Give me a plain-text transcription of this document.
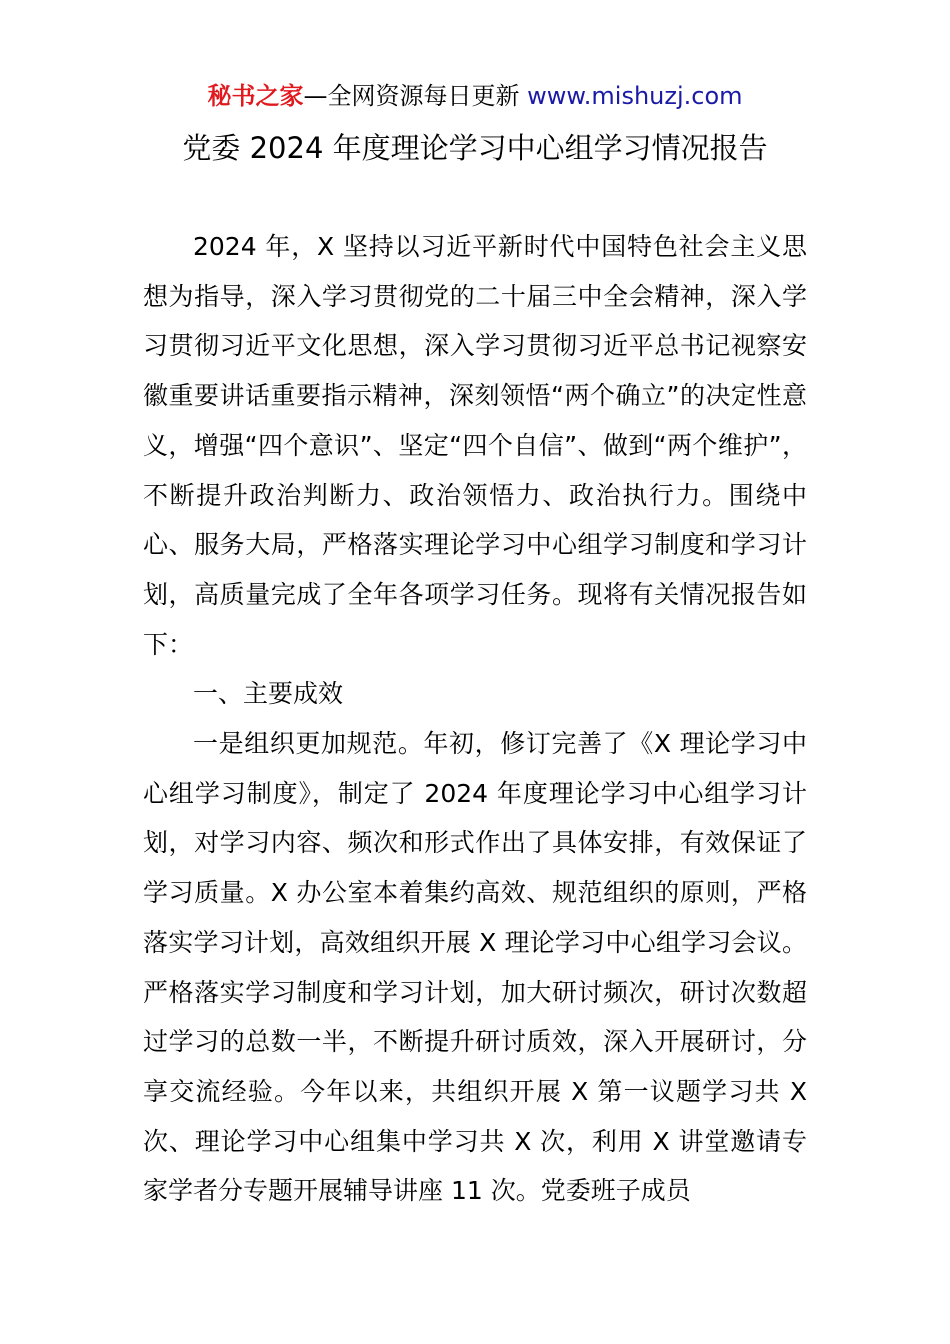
秘书之家—全网资源每日更新 www.mishuzj.com
党委 2024 年度理论学习中心组学习情况报告

2024 年，X 坚持以习近平新时代中国特色社会主义思想为指导，深入学习贯彻党的二十届三中全会精神，深入学习贯彻习近平文化思想，深入学习贯彻习近平总书记视察安徽重要讲话重要指示精神，深刻领悟“两个确立”的决定性意义，增强“四个意识”、坚定“四个自信”、做到“两个维护”，不断提升政治判断力、政治领悟力、政治执行力。围绕中心、服务大局，严格落实理论学习中心组学习制度和学习计划，高质量完成了全年各项学习任务。现将有关情况报告如下：

一、主要成效

一是组织更加规范。年初，修订完善了《X 理论学习中心组学习制度》，制定了 2024 年度理论学习中心组学习计划，对学习内容、频次和形式作出了具体安排，有效保证了学习质量。X 办公室本着集约高效、规范组织的原则，严格落实学习计划，高效组织开展 X 理论学习中心组学习会议。严格落实学习制度和学习计划，加大研讨频次，研讨次数超过学习的总数一半，不断提升研讨质效，深入开展研讨，分享交流经验。今年以来，共组织开展 X 第一议题学习共 X 次、理论学习中心组集中学习共 X 次，利用 X 讲堂邀请专家学者分专题开展辅导讲座 11 次。党委班子成员
